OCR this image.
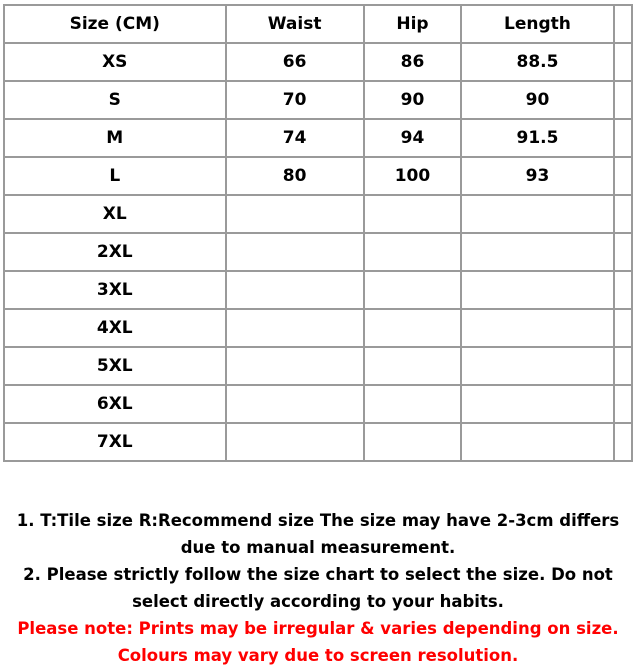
Size (CM)	Waist	Hip	Length	
XS	66	86	88.5	
S	70	90	90	
M	74	94	91.5	
L	80	100	93	
XL				
2XL				
3XL				
4XL				
5XL				
6XL				
7XL				

1. T:Tile size R:Recommend size The size may have 2-3cm differs due to manual measurement.

2. Please strictly follow the size chart to select the size. Do not select directly according to your habits.

Please note: Prints may be irregular & varies depending on size.

Colours may vary due to screen resolution.
